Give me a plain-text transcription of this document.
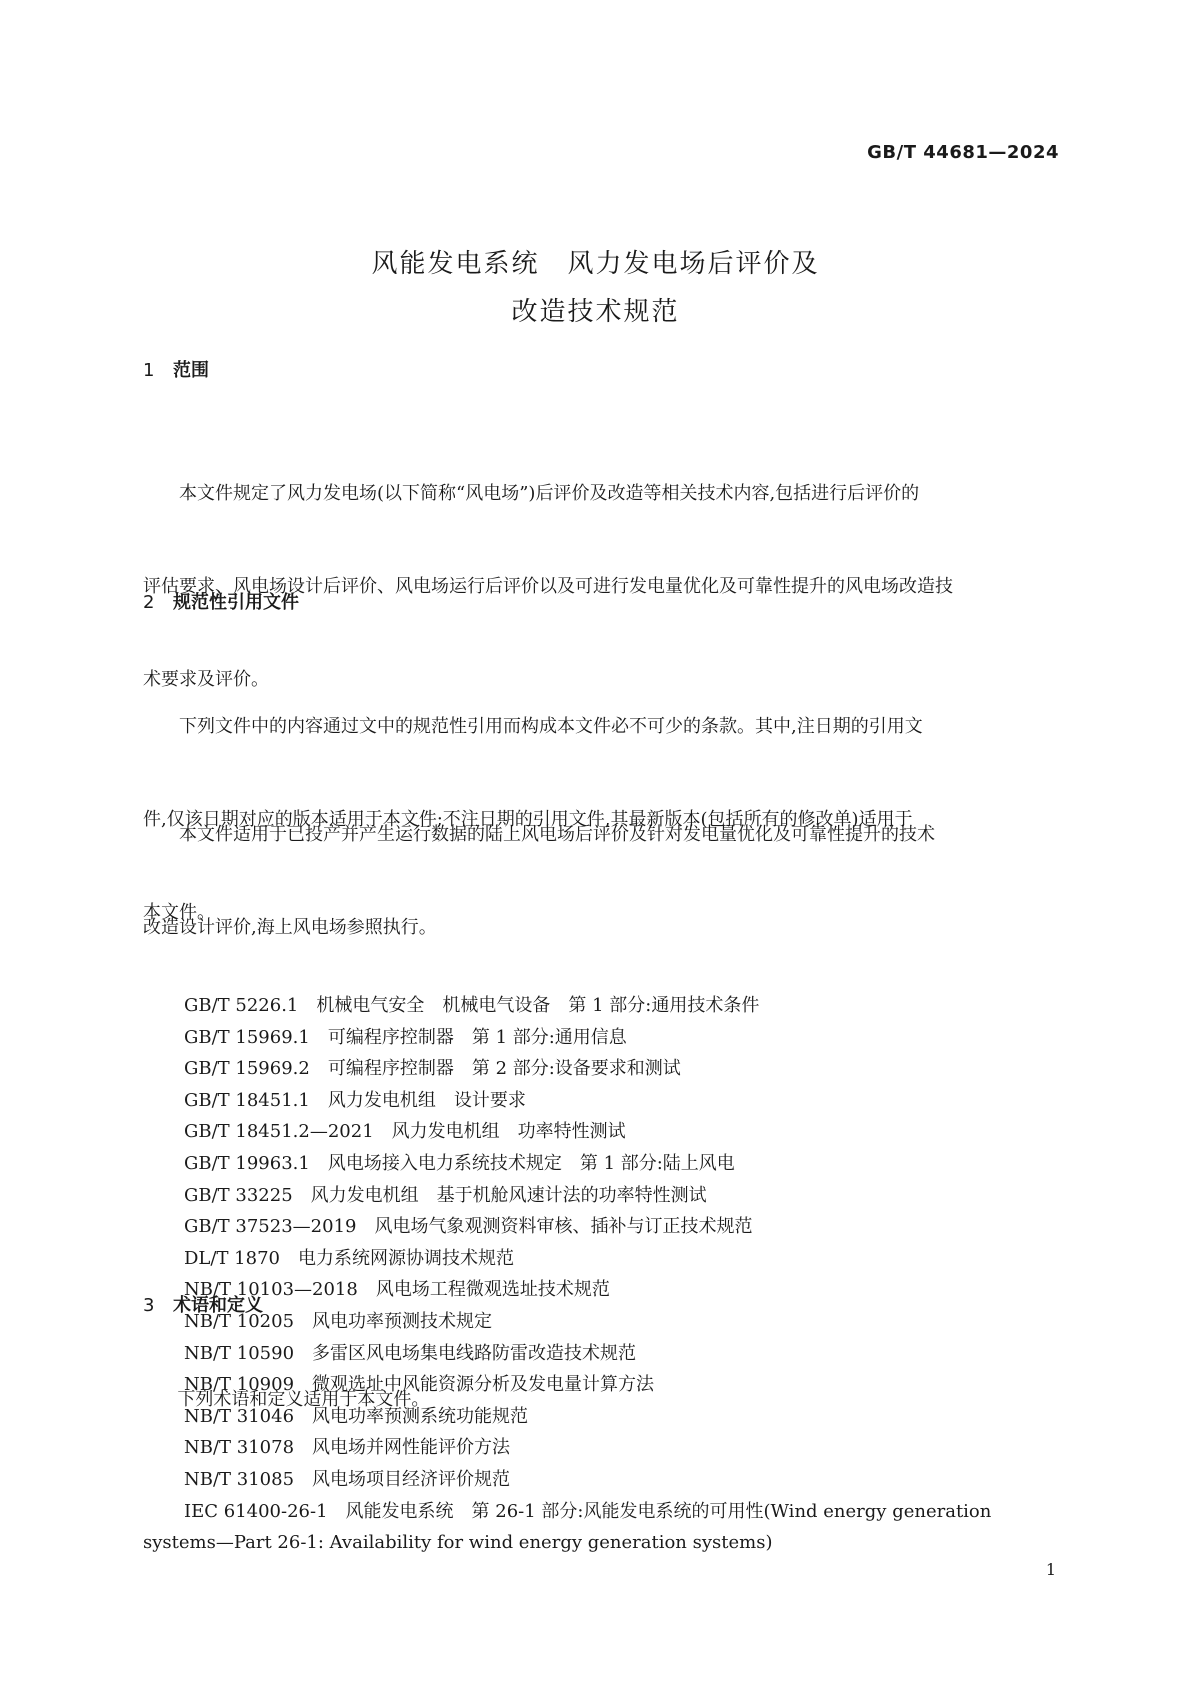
GB/T 44681—2024
风能发电系统　风力发电场后评价及
改造技术规范
1 范围

本文件规定了风力发电场(以下简称“风电场”)后评价及改造等相关技术内容,包括进行后评价的

评估要求、风电场设计后评价、风电场运行后评价以及可进行发电量优化及可靠性提升的风电场改造技

术要求及评价。

本文件适用于已投产并产生运行数据的陆上风电场后评价及针对发电量优化及可靠性提升的技术

改造设计评价,海上风电场参照执行。

2 规范性引用文件

下列文件中的内容通过文中的规范性引用而构成本文件必不可少的条款。其中,注日期的引用文

件,仅该日期对应的版本适用于本文件;不注日期的引用文件,其最新版本(包括所有的修改单)适用于

本文件。

GB/T 5226.1 机械电气安全　机械电气设备　第 1 部分:通用技术条件
GB/T 15969.1 可编程序控制器　第 1 部分:通用信息
GB/T 15969.2 可编程序控制器　第 2 部分:设备要求和测试
GB/T 18451.1 风力发电机组　设计要求
GB/T 18451.2—2021 风力发电机组　功率特性测试
GB/T 19963.1 风电场接入电力系统技术规定　第 1 部分:陆上风电
GB/T 33225 风力发电机组　基于机舱风速计法的功率特性测试
GB/T 37523—2019 风电场气象观测资料审核、插补与订正技术规范
DL/T 1870 电力系统网源协调技术规范
NB/T 10103—2018 风电场工程微观选址技术规范
NB/T 10205 风电功率预测技术规定
NB/T 10590 多雷区风电场集电线路防雷改造技术规范
NB/T 10909 微观选址中风能资源分析及发电量计算方法
NB/T 31046 风电功率预测系统功能规范
NB/T 31078 风电场并网性能评价方法
NB/T 31085 风电场项目经济评价规范
IEC 61400-26-1 风能发电系统　第 26-1 部分:风能发电系统的可用性(Wind energy generation
systems—Part 26-1: Availability for wind energy generation systems)
3 术语和定义

下列术语和定义适用于本文件。

1
